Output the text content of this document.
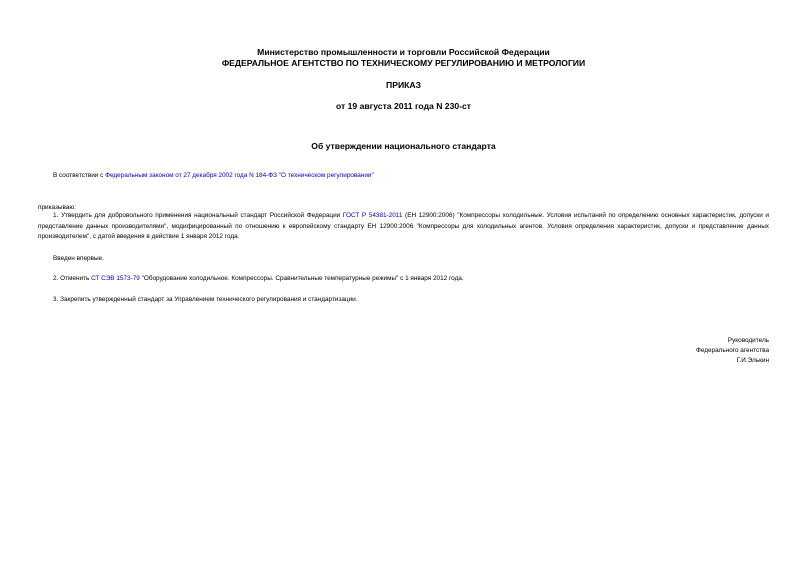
Министерство промышленности и торговли Российской Федерации
ФЕДЕРАЛЬНОЕ АГЕНТСТВО ПО ТЕХНИЧЕСКОМУ РЕГУЛИРОВАНИЮ И МЕТРОЛОГИИ
ПРИКАЗ
от 19 августа 2011 года N 230-ст
Об утверждении национального стандарта
В соответствии с Федеральным законом от 27 декабря 2002 года N 184-ФЗ "О техническом регулировании"
приказываю:
1. Утвердить для добровольного применения национальный стандарт Российской Федерации ГОСТ Р 54381-2011 (ЕН 12900:2006) "Компрессоры холодильные. Условия испытаний по определению основных характеристик, допуски и представление данных производителями", модифицированный по отношению к европейскому стандарту ЕН 12900:2006 "Компрессоры для холодильных агентов. Условия определения характеристик, допуски и представление данных производителем", с датой введения в действие 1 января 2012 года.
Введен впервые.
2. Отменить СТ СЭВ 1573-79 "Оборудование холодильное. Компрессоры. Сравнительные температурные режимы" с 1 января 2012 года.
3. Закрепить утвержденный стандарт за Управлением технического регулирования и стандартизации.
Руководитель
Федерального агентства
Г.И.Элькин
